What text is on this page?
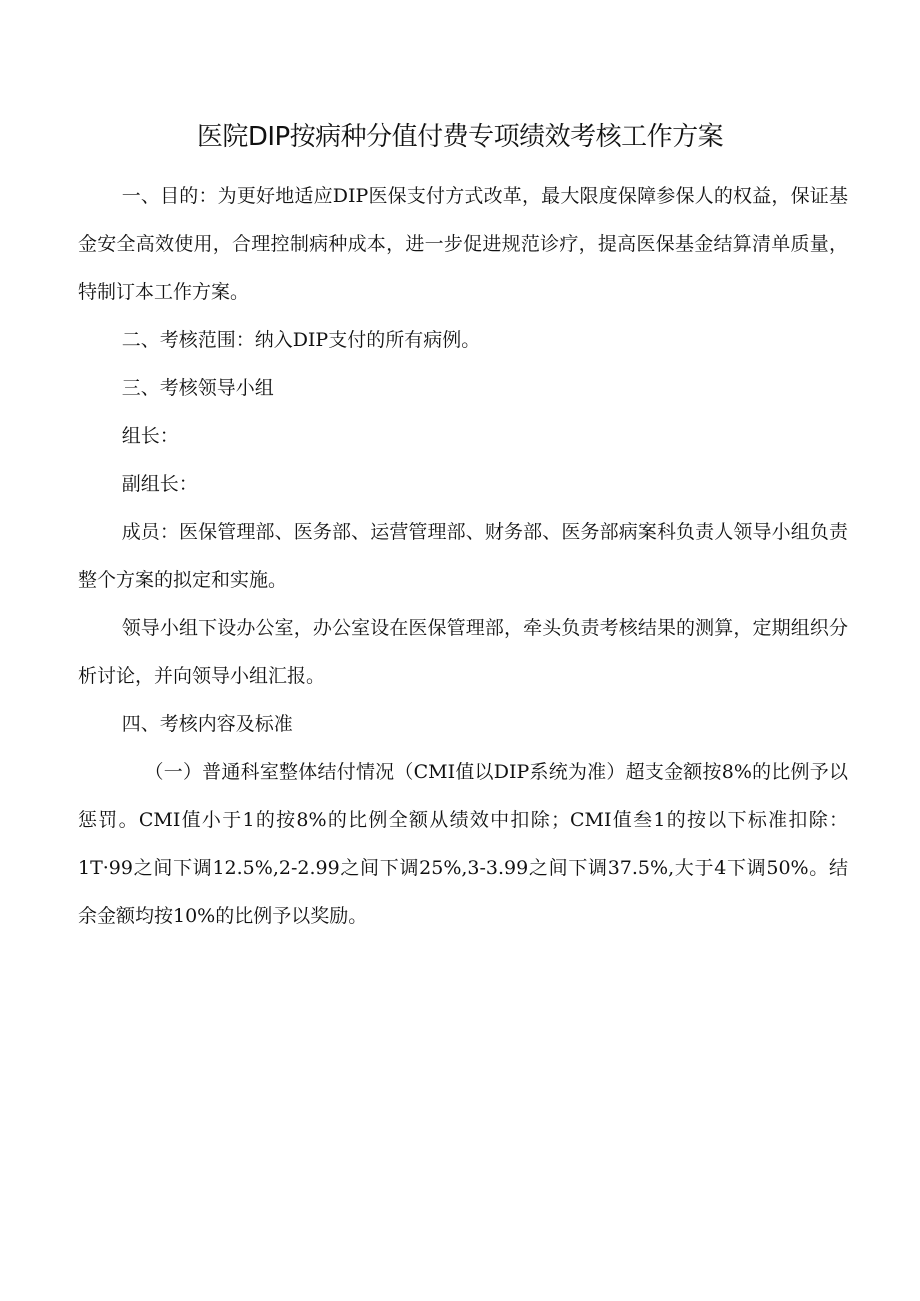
医院DIP按病种分值付费专项绩效考核工作方案

一、目的：为更好地适应DIP医保支付方式改革，最大限度保障参保人的权益，保证基金安全高效使用，合理控制病种成本，进一步促进规范诊疗，提高医保基金结算清单质量，特制订本工作方案。

二、考核范围：纳入DIP支付的所有病例。

三、考核领导小组

组长：

副组长：

成员：医保管理部、医务部、运营管理部、财务部、医务部病案科负责人领导小组负责整个方案的拟定和实施。

领导小组下设办公室，办公室设在医保管理部，牵头负责考核结果的测算，定期组织分析讨论，并向领导小组汇报。

四、考核内容及标准

（一）普通科室整体结付情况（CMI值以DIP系统为准）超支金额按8%的比例予以惩罚。CMI值小于1的按8%的比例全额从绩效中扣除；CMI值叁1的按以下标准扣除：1T·99之间下调12.5%,2-2.99之间下调25%,3-3.99之间下调37.5%,大于4下调50%。结余金额均按10%的比例予以奖励。
